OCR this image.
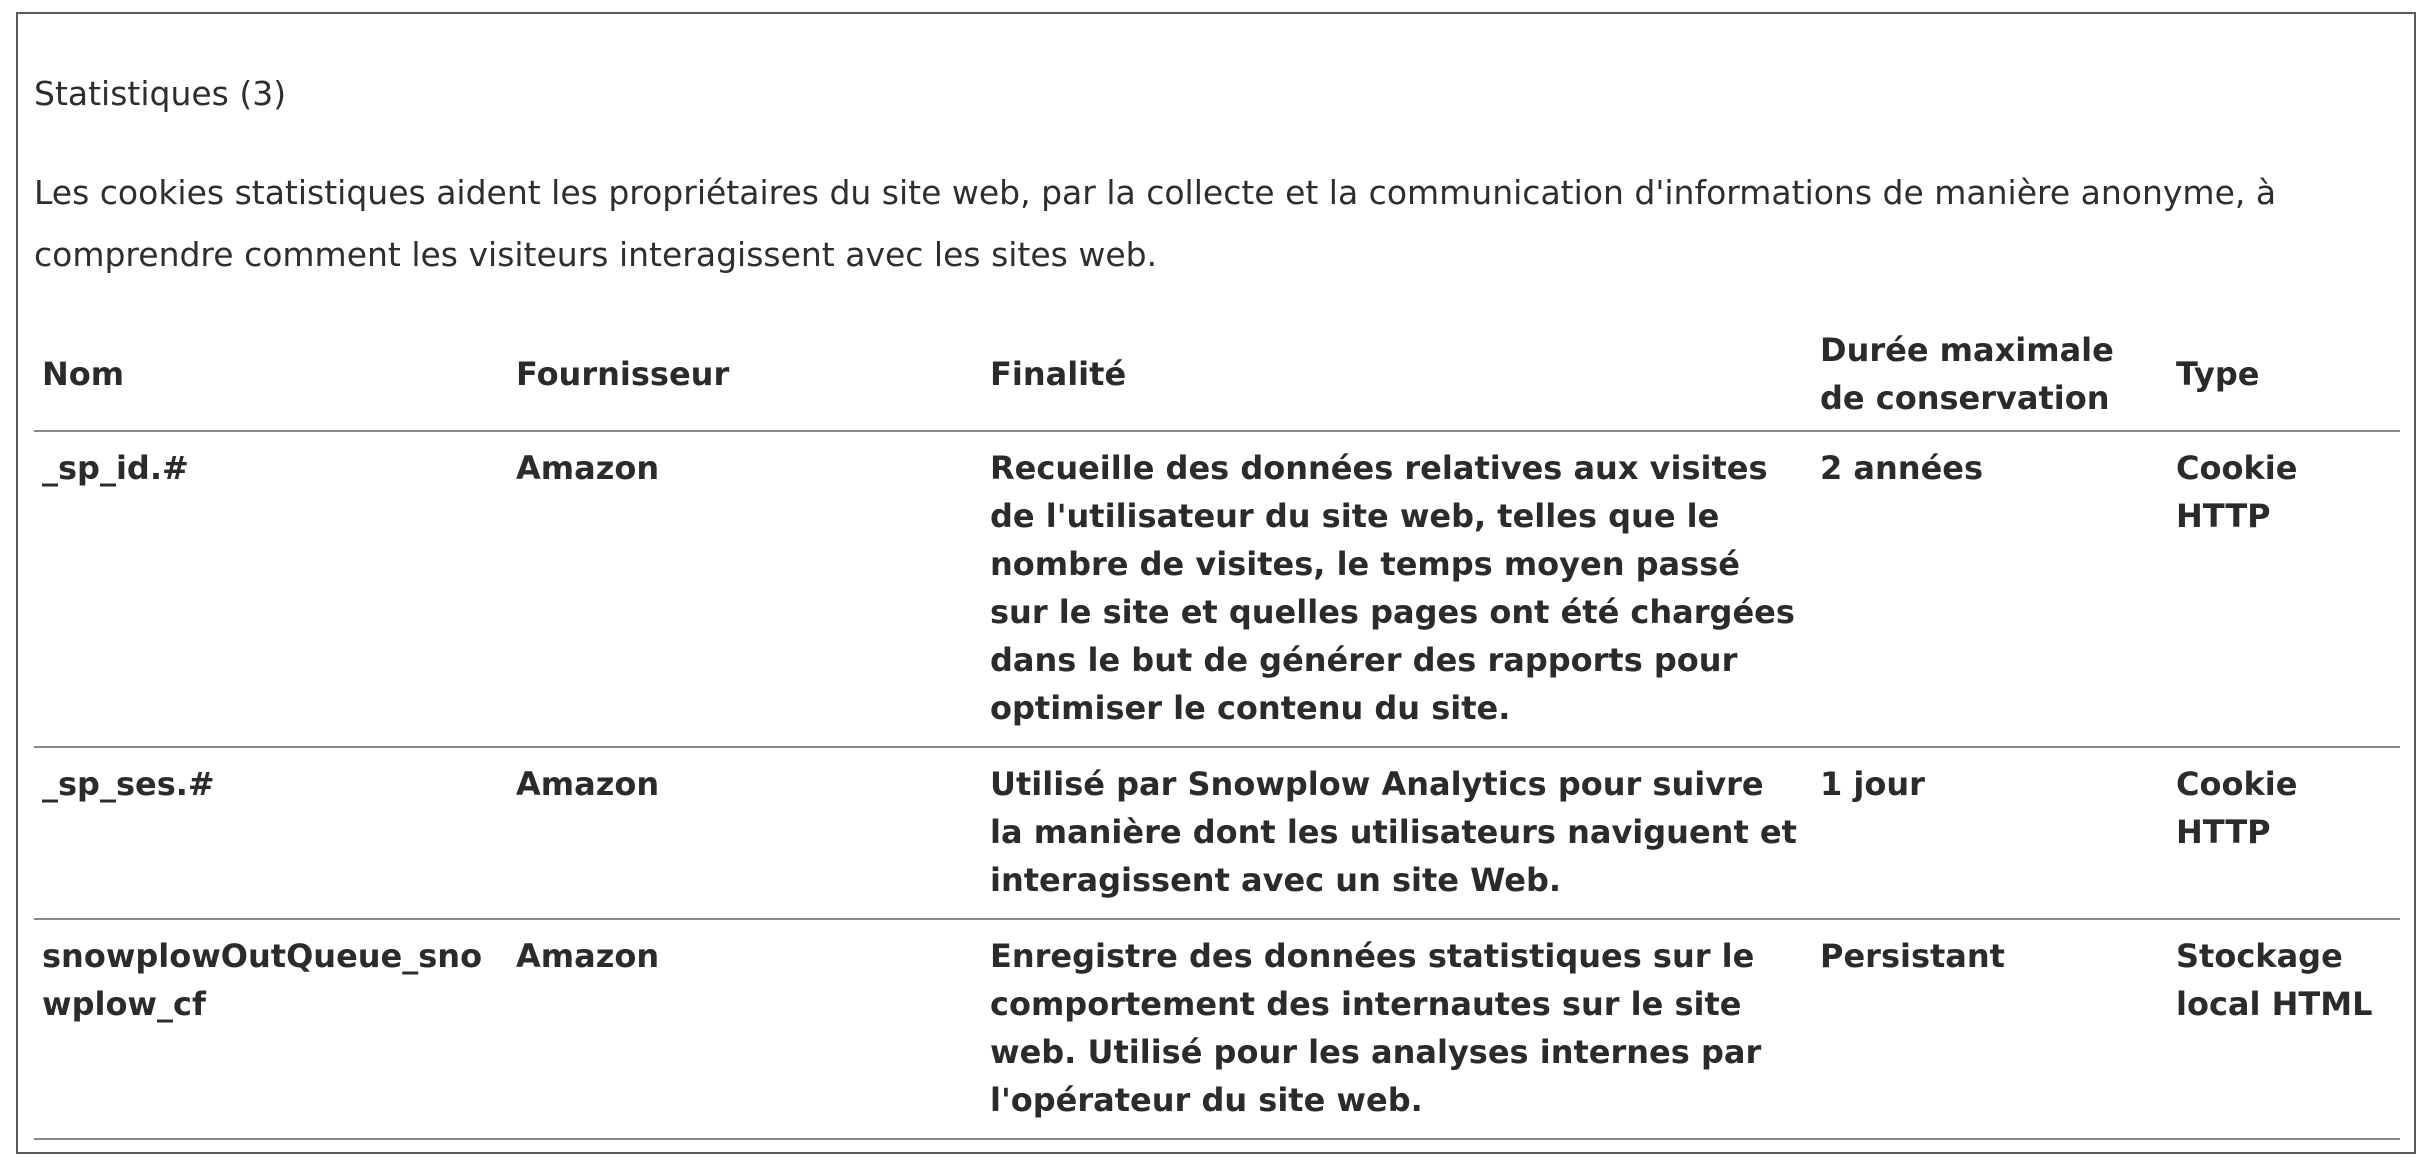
Statistiques (3)

Les cookies statistiques aident les propriétaires du site web, par la collecte et la communication d'informations de manière anonyme, à comprendre comment les visiteurs interagissent avec les sites web.

Nom	Fournisseur	Finalité	Durée maximale de conservation	Type
_sp_id.#	Amazon	Recueille des données relatives aux visites de l'utilisateur du site web, telles que le nombre de visites, le temps moyen passé sur le site et quelles pages ont été chargées dans le but de générer des rapports pour optimiser le contenu du site.	2 années	Cookie HTTP
_sp_ses.#	Amazon	Utilisé par Snowplow Analytics pour suivre la manière dont les utilisateurs naviguent et interagissent avec un site Web.	1 jour	Cookie HTTP
snowplowOutQueue_snowplow_cf	Amazon	Enregistre des données statistiques sur le comportement des internautes sur le site web. Utilisé pour les analyses internes par l'opérateur du site web.	Persistant	Stockage local HTML
